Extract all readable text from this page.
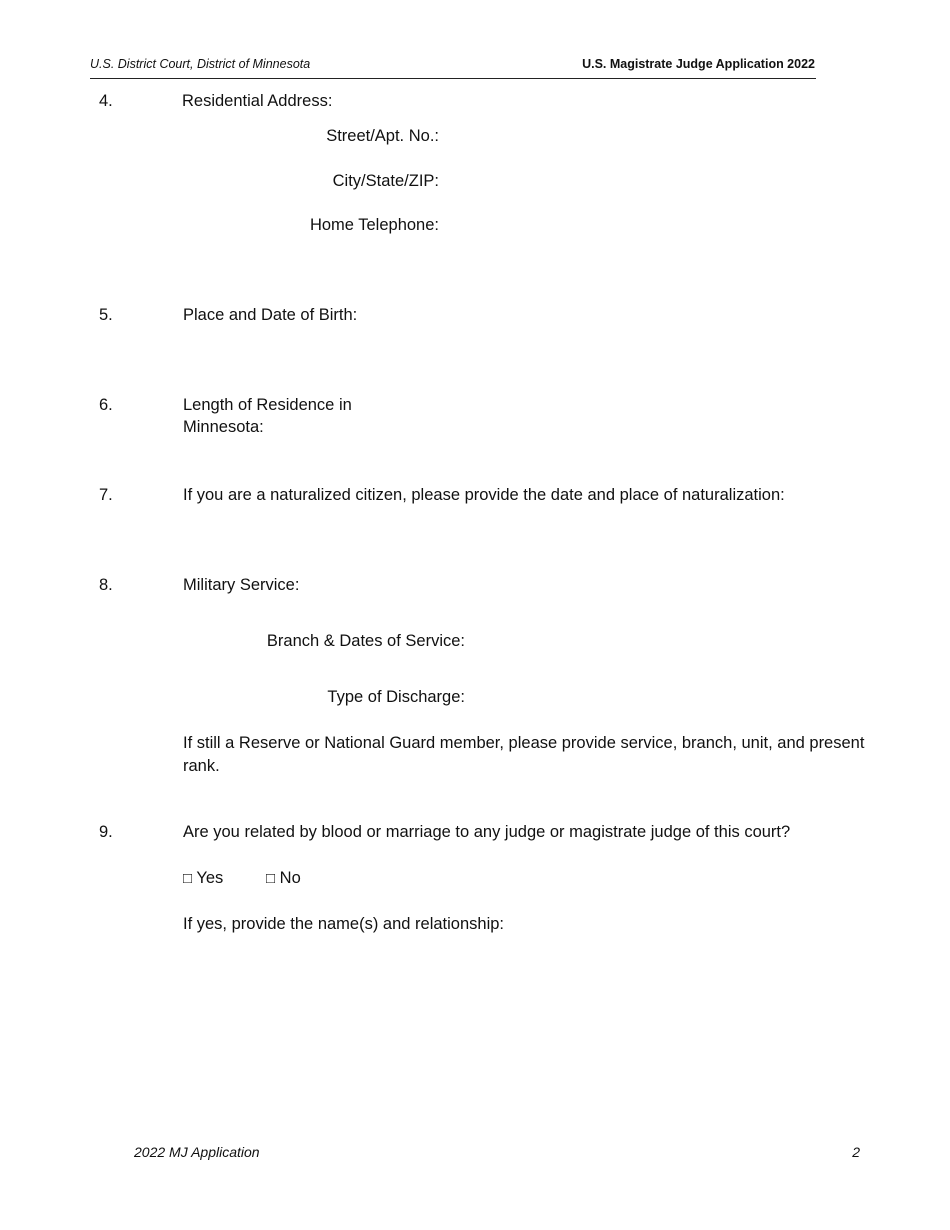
U.S. District Court, District of Minnesota	U.S. Magistrate Judge Application 2022
4.	Residential Address:
Street/Apt. No.:
City/State/ZIP:
Home Telephone:
5.	Place and Date of Birth:
6.	Length of Residence in
Minnesota:
7.	If you are a naturalized citizen, please provide the date and place of naturalization:
8.	Military Service:
Branch & Dates of Service:
Type of Discharge:
If still a Reserve or National Guard member, please provide service, branch, unit, and present
rank.
9.	Are you related by blood or marriage to any judge or magistrate judge of this court?
□ Yes	□ No
If yes, provide the name(s) and relationship:
2022 MJ Application	2
